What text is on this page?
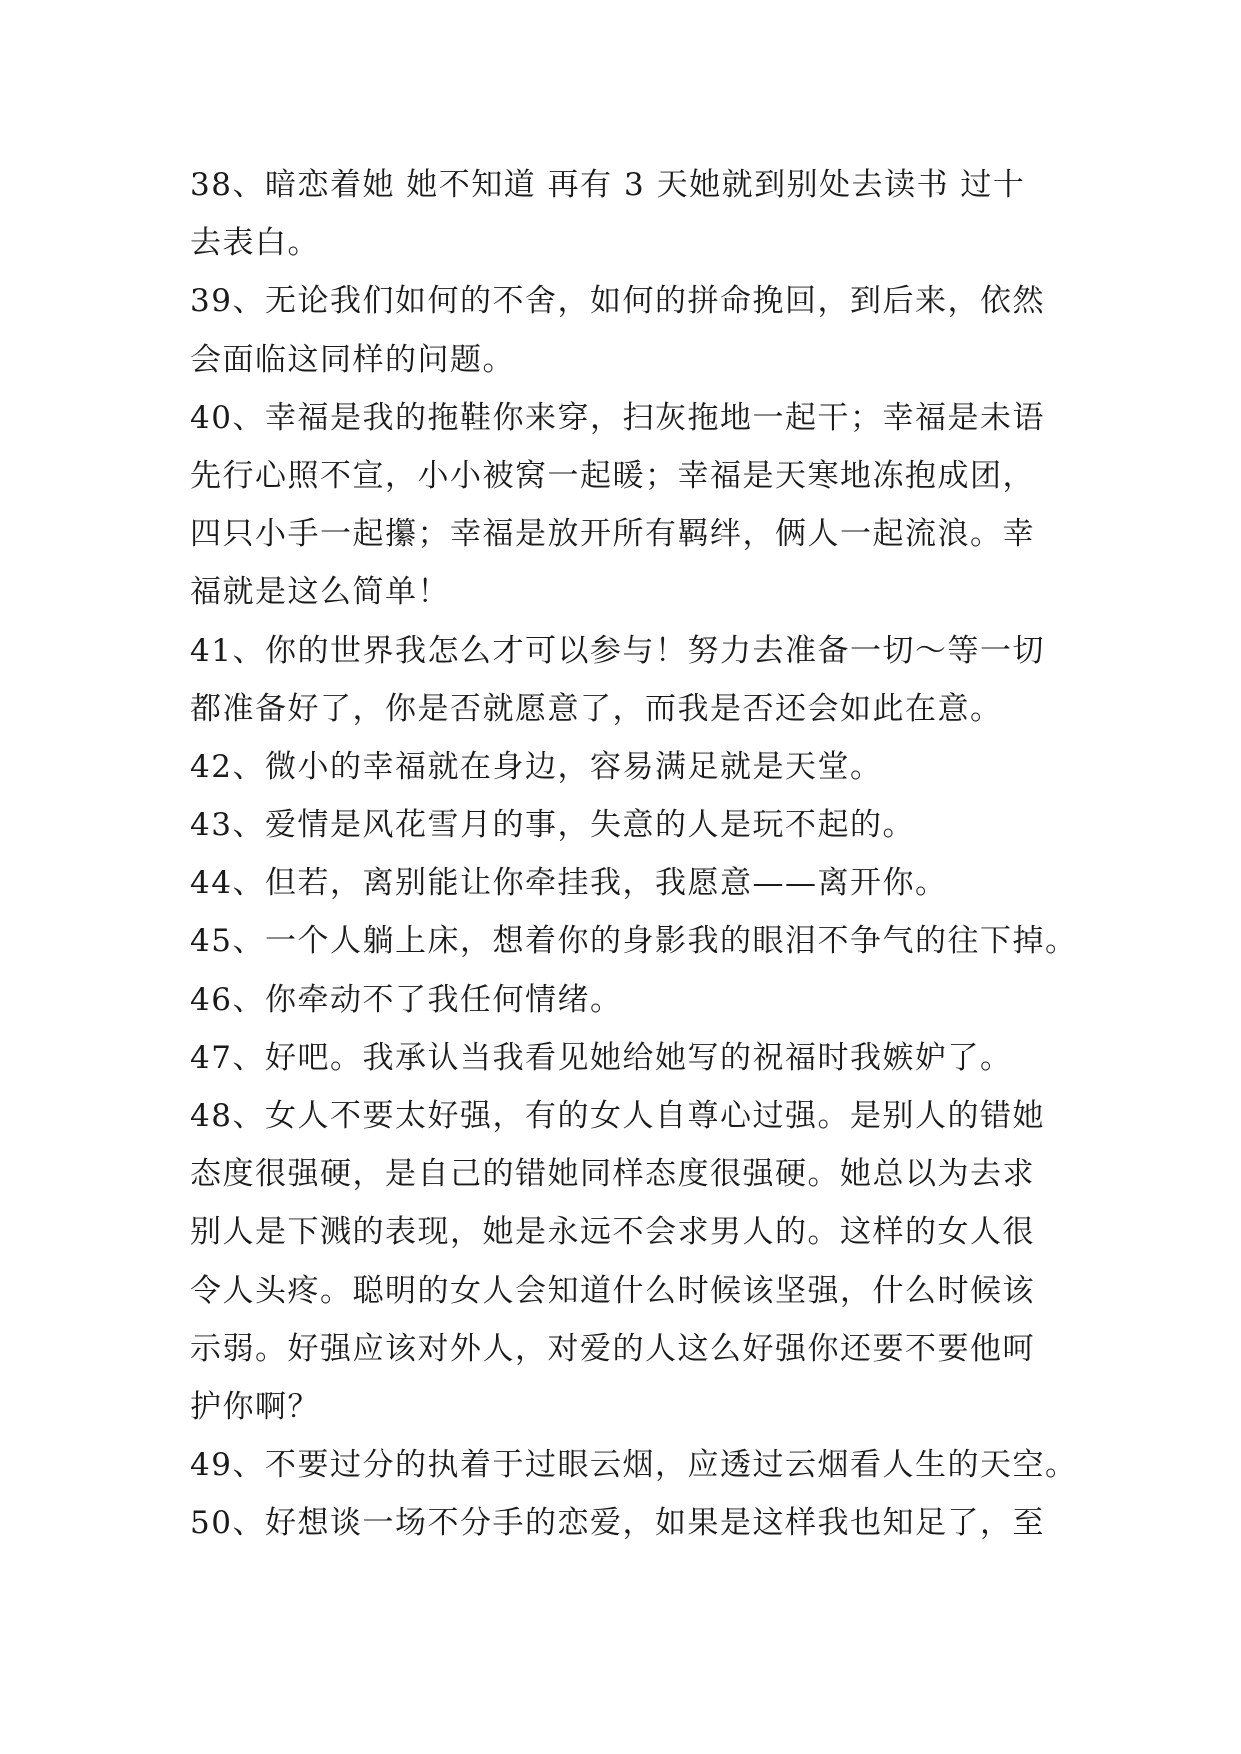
38、暗恋着她 她不知道 再有 3 天她就到别处去读书 过十
去表白。
39、无论我们如何的不舍，如何的拼命挽回，到后来，依然
会面临这同样的问题。
40、幸福是我的拖鞋你来穿，扫灰拖地一起干；幸福是未语
先行心照不宣，小小被窝一起暖；幸福是天寒地冻抱成团，
四只小手一起攥；幸福是放开所有羁绊，俩人一起流浪。幸
福就是这么简单！
41、你的世界我怎么才可以参与！努力去准备一切～等一切
都准备好了，你是否就愿意了，而我是否还会如此在意。
42、微小的幸福就在身边，容易满足就是天堂。
43、爱情是风花雪月的事，失意的人是玩不起的。
44、但若，离别能让你牵挂我，我愿意——离开你。
45、一个人躺上床，想着你的身影我的眼泪不争气的往下掉。
46、你牵动不了我任何情绪。
47、好吧。我承认当我看见她给她写的祝福时我嫉妒了。
48、女人不要太好强，有的女人自尊心过强。是别人的错她
态度很强硬，是自己的错她同样态度很强硬。她总以为去求
别人是下溅的表现，她是永远不会求男人的。这样的女人很
令人头疼。聪明的女人会知道什么时候该坚强，什么时候该
示弱。好强应该对外人，对爱的人这么好强你还要不要他呵
护你啊？
49、不要过分的执着于过眼云烟，应透过云烟看人生的天空。
50、好想谈一场不分手的恋爱，如果是这样我也知足了，至
